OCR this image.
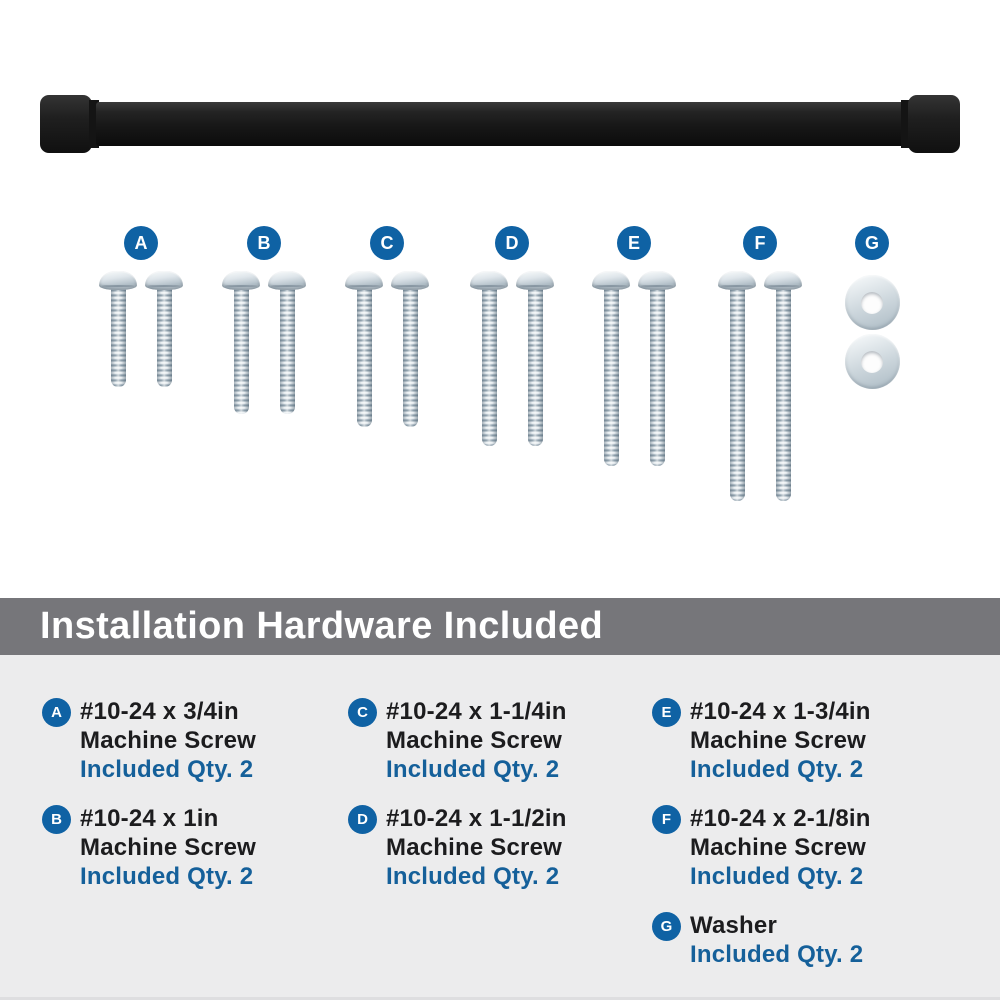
A	B	C	D	E	F	G
Installation Hardware Included
A #10-24 x 3/4in
Machine Screw
Included Qty. 2
B #10-24 x 1in
Machine Screw
Included Qty. 2
C #10-24 x 1-1/4in
Machine Screw
Included Qty. 2
D #10-24 x 1-1/2in
Machine Screw
Included Qty. 2
E #10-24 x 1-3/4in
Machine Screw
Included Qty. 2
F #10-24 x 2-1/8in
Machine Screw
Included Qty. 2
G Washer
Included Qty. 2
